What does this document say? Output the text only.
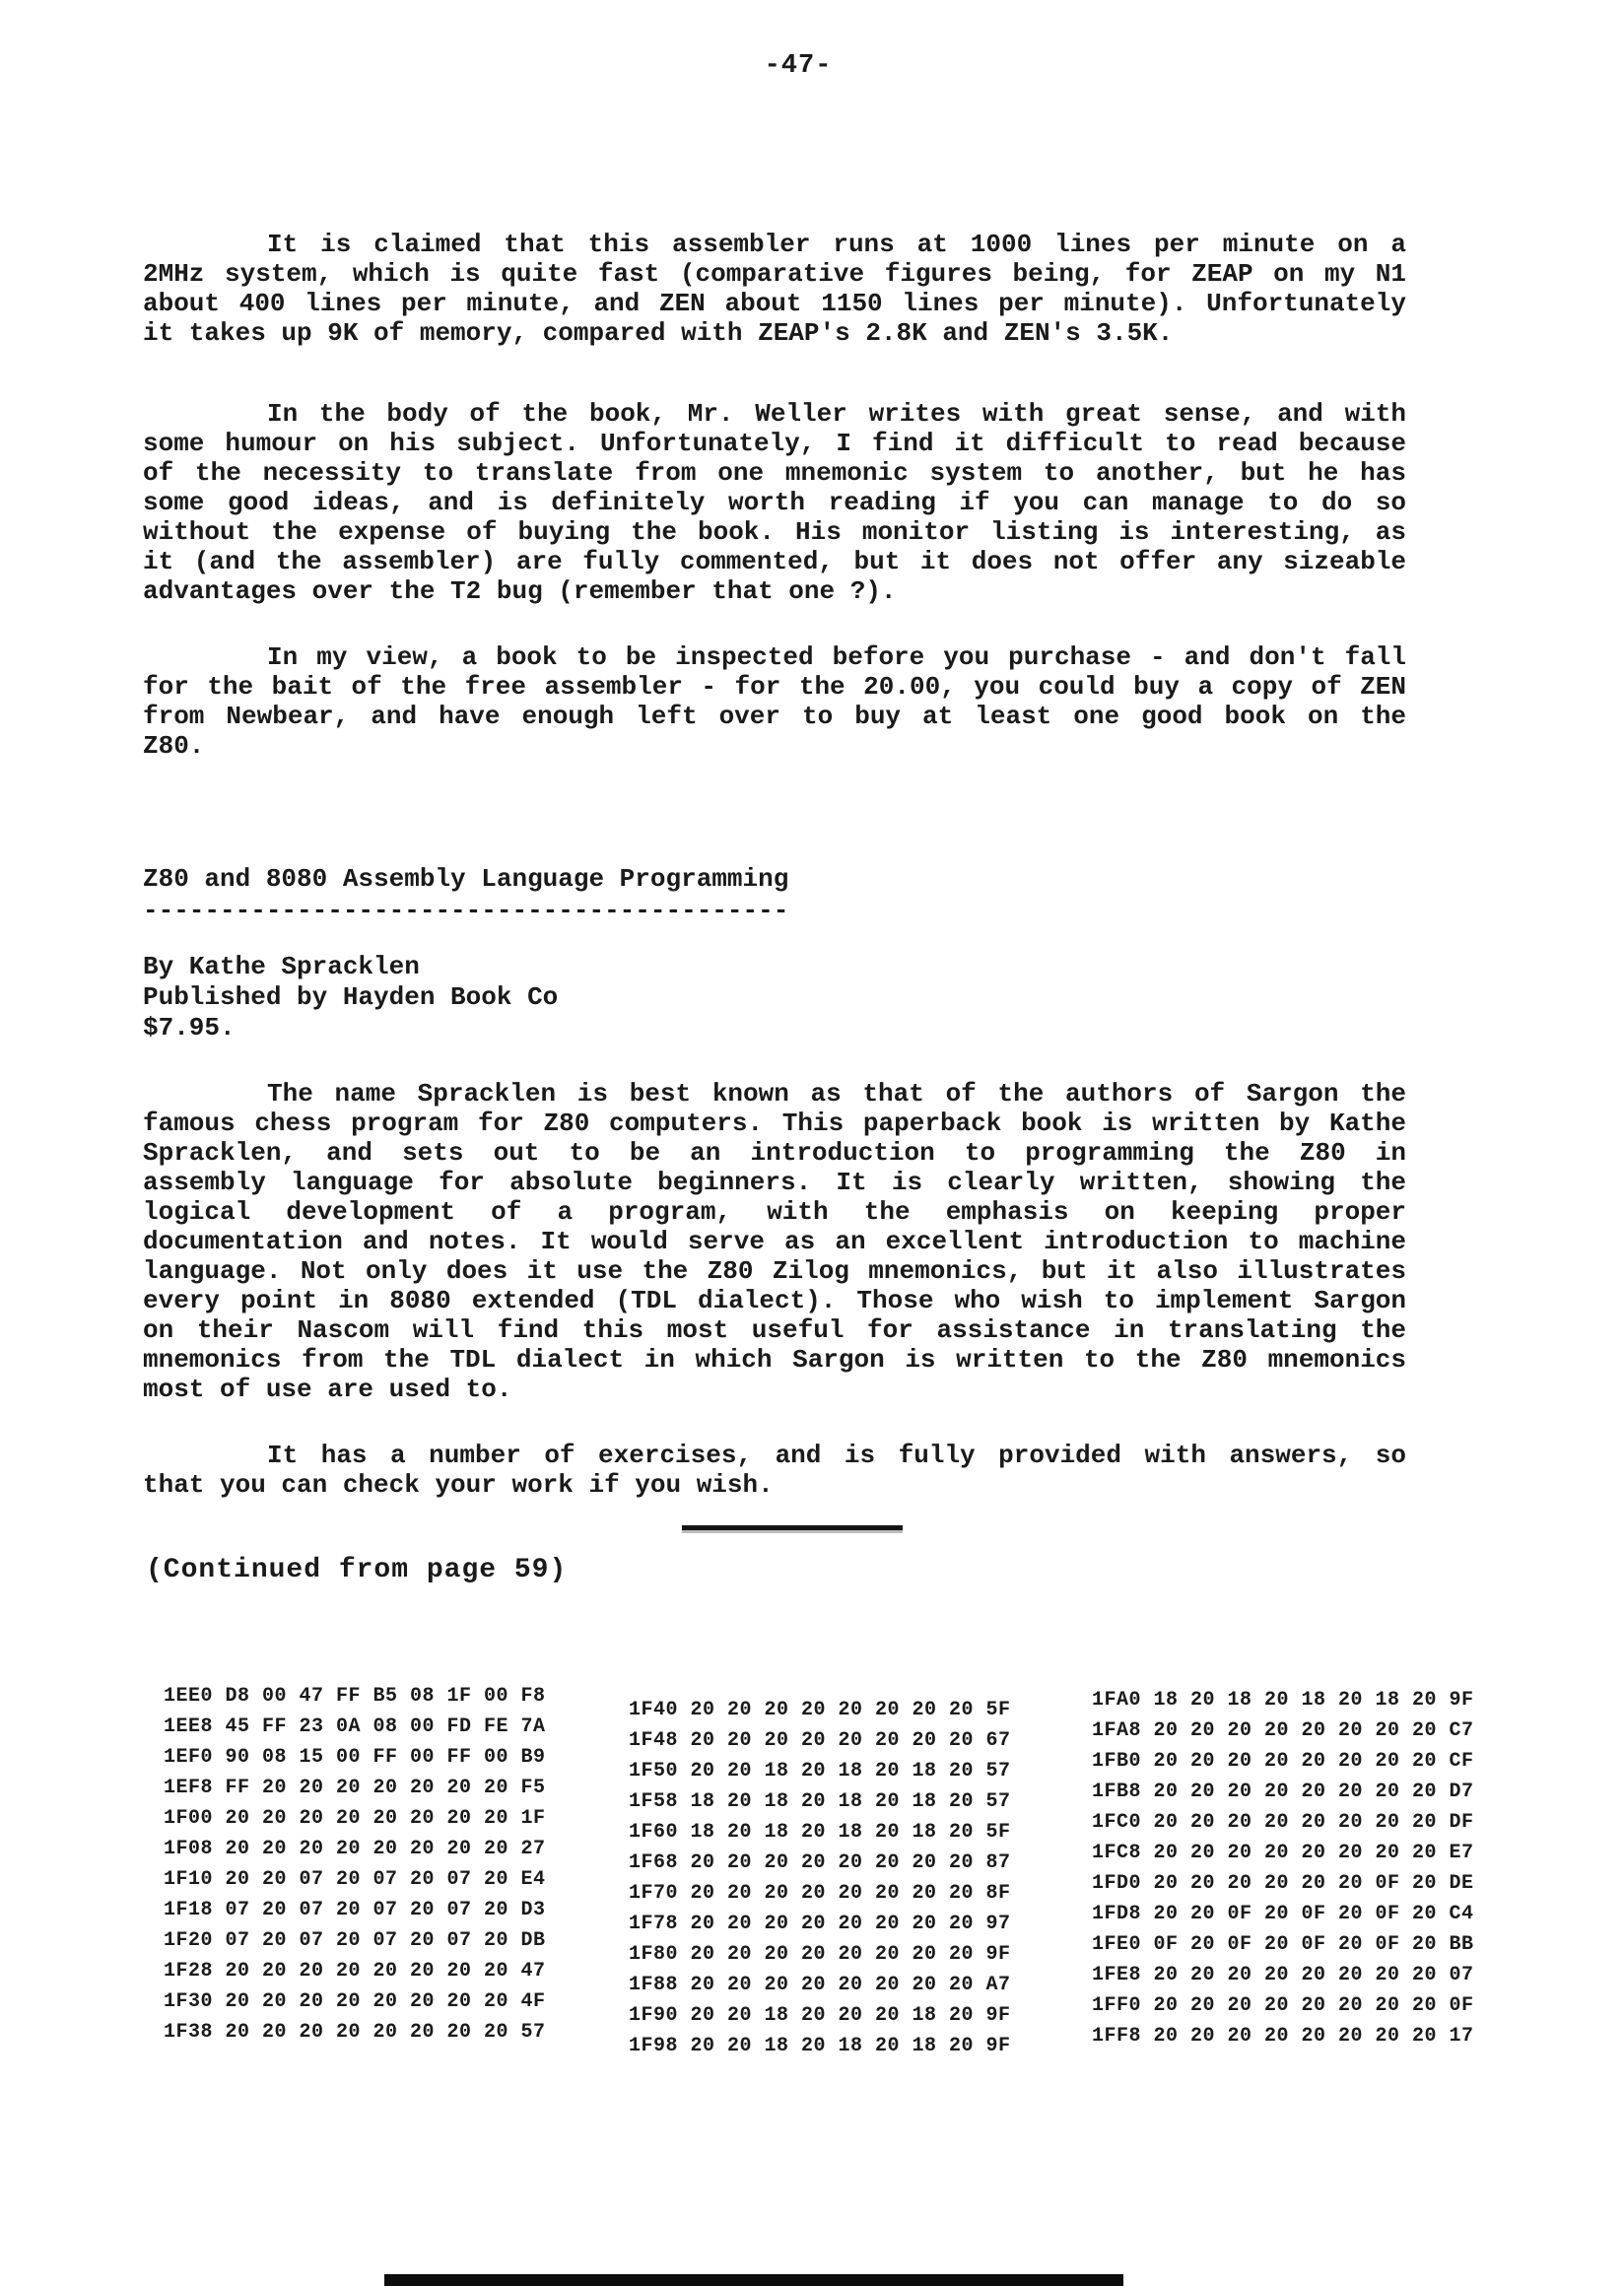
-47-
It is claimed that this assembler runs at 1000 lines per minute on a
2MHz system, which is quite fast (comparative figures being, for ZEAP on my N1
about 400 lines per minute, and ZEN about 1150 lines per minute). Unfortunately
it takes up 9K of memory, compared with ZEAP's 2.8K and ZEN's 3.5K.
In the body of the book, Mr. Weller writes with great sense, and with
some humour on his subject. Unfortunately, I find it difficult to read because
of the necessity to translate from one mnemonic system to another, but he has
some good ideas, and is definitely worth reading if you can manage to do so
without the expense of buying the book. His monitor listing is interesting, as
it (and the assembler) are fully commented, but it does not offer any sizeable
advantages over the T2 bug (remember that one ?).
In my view, a book to be inspected before you purchase - and don't fall
for the bait of the free assembler - for the 20.00, you could buy a copy of ZEN
from Newbear, and have enough left over to buy at least one good book on the
Z80.
Z80 and 8080 Assembly Language Programming
------------------------------------------
By Kathe Spracklen
Published by Hayden Book Co
$7.95.
The name Spracklen is best known as that of the authors of Sargon the
famous chess program for Z80 computers. This paperback book is written by Kathe
Spracklen, and sets out to be an introduction to programming the Z80 in
assembly language for absolute beginners. It is clearly written, showing the
logical development of a program, with the emphasis on keeping proper
documentation and notes. It would serve as an excellent introduction to machine
language. Not only does it use the Z80 Zilog mnemonics, but it also illustrates
every point in 8080 extended (TDL dialect). Those who wish to implement Sargon
on their Nascom will find this most useful for assistance in translating the
mnemonics from the TDL dialect in which Sargon is written to the Z80 mnemonics
most of use are used to.
It has a number of exercises, and is fully provided with answers, so
that you can check your work if you wish.
(Continued from page 59)
1EE0 D8 00 47 FF B5 08 1F 00 F8
1EE8 45 FF 23 0A 08 00 FD FE 7A
1EF0 90 08 15 00 FF 00 FF 00 B9
1EF8 FF 20 20 20 20 20 20 20 F5
1F00 20 20 20 20 20 20 20 20 1F
1F08 20 20 20 20 20 20 20 20 27
1F10 20 20 07 20 07 20 07 20 E4
1F18 07 20 07 20 07 20 07 20 D3
1F20 07 20 07 20 07 20 07 20 DB
1F28 20 20 20 20 20 20 20 20 47
1F30 20 20 20 20 20 20 20 20 4F
1F38 20 20 20 20 20 20 20 20 57
1F40 20 20 20 20 20 20 20 20 5F
1F48 20 20 20 20 20 20 20 20 67
1F50 20 20 18 20 18 20 18 20 57
1F58 18 20 18 20 18 20 18 20 57
1F60 18 20 18 20 18 20 18 20 5F
1F68 20 20 20 20 20 20 20 20 87
1F70 20 20 20 20 20 20 20 20 8F
1F78 20 20 20 20 20 20 20 20 97
1F80 20 20 20 20 20 20 20 20 9F
1F88 20 20 20 20 20 20 20 20 A7
1F90 20 20 18 20 20 20 18 20 9F
1F98 20 20 18 20 18 20 18 20 9F
1FA0 18 20 18 20 18 20 18 20 9F
1FA8 20 20 20 20 20 20 20 20 C7
1FB0 20 20 20 20 20 20 20 20 CF
1FB8 20 20 20 20 20 20 20 20 D7
1FC0 20 20 20 20 20 20 20 20 DF
1FC8 20 20 20 20 20 20 20 20 E7
1FD0 20 20 20 20 20 20 0F 20 DE
1FD8 20 20 0F 20 0F 20 0F 20 C4
1FE0 0F 20 0F 20 0F 20 0F 20 BB
1FE8 20 20 20 20 20 20 20 20 07
1FF0 20 20 20 20 20 20 20 20 0F
1FF8 20 20 20 20 20 20 20 20 17
